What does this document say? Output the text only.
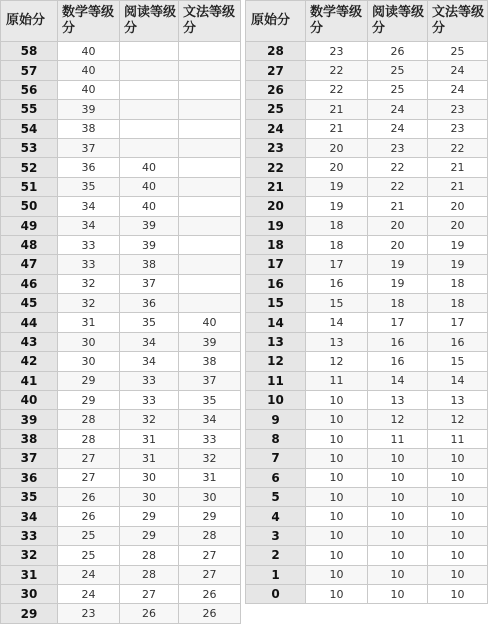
原始分	数学等级分	阅读等级分	文法等级分
58	40		
57	40		
56	40		
55	39		
54	38		
53	37		
52	36	40	
51	35	40	
50	34	40	
49	34	39	
48	33	39	
47	33	38	
46	32	37	
45	32	36	
44	31	35	40
43	30	34	39
42	30	34	38
41	29	33	37
40	29	33	35
39	28	32	34
38	28	31	33
37	27	31	32
36	27	30	31
35	26	30	30
34	26	29	29
33	25	29	28
32	25	28	27
31	24	28	27
30	24	27	26
29	23	26	26
原始分	数学等级分	阅读等级分	文法等级分
28	23	26	25
27	22	25	24
26	22	25	24
25	21	24	23
24	21	24	23
23	20	23	22
22	20	22	21
21	19	22	21
20	19	21	20
19	18	20	20
18	18	20	19
17	17	19	19
16	16	19	18
15	15	18	18
14	14	17	17
13	13	16	16
12	12	16	15
11	11	14	14
10	10	13	13
9	10	12	12
8	10	11	11
7	10	10	10
6	10	10	10
5	10	10	10
4	10	10	10
3	10	10	10
2	10	10	10
1	10	10	10
0	10	10	10
